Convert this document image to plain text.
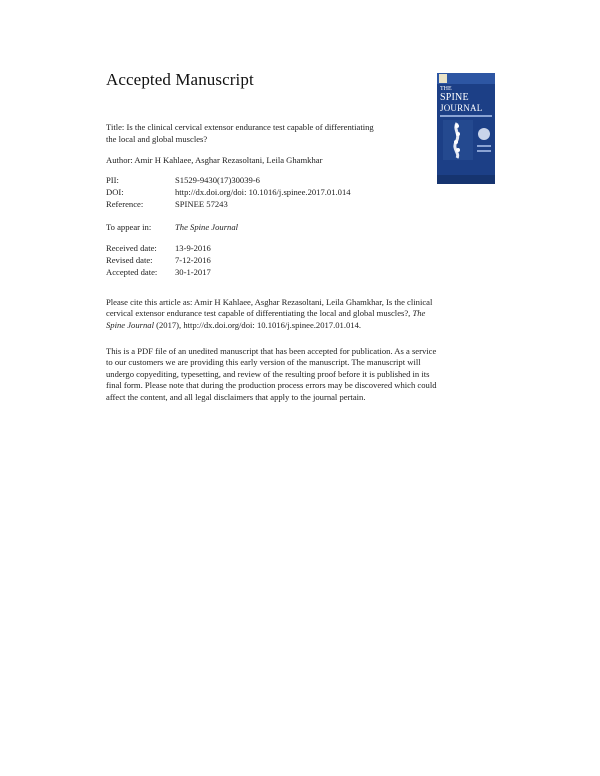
Accepted Manuscript	THE
SPINE
JOURNAL
Title: Is the clinical cervical extensor endurance test capable of differentiating
the local and global muscles?
Author: Amir H Kahlaee, Asghar Rezasoltani, Leila Ghamkhar
PII:	S1529-9430(17)30039-6
DOI:	http://dx.doi.org/doi: 10.1016/j.spinee.2017.01.014
Reference:	SPINEE 57243
To appear in:	The Spine Journal
Received date: 13-9-2016
Revised date:	7-12-2016
Accepted date: 30-1-2017
Please cite this article as: Amir H Kahlaee, Asghar Rezasoltani, Leila Ghamkhar, Is the clinical
cervical extensor endurance test capable of differentiating the local and global muscles?, The
Spine Journal (2017), http://dx.doi.org/doi: 10.1016/j.spinee.2017.01.014.
This is a PDF file of an unedited manuscript that has been accepted for publication. As a service
to our customers we are providing this early version of the manuscript. The manuscript will
undergo copyediting, typesetting, and review of the resulting proof before it is published in its
final form. Please note that during the production process errors may be discovered which could
affect the content, and all legal disclaimers that apply to the journal pertain.
